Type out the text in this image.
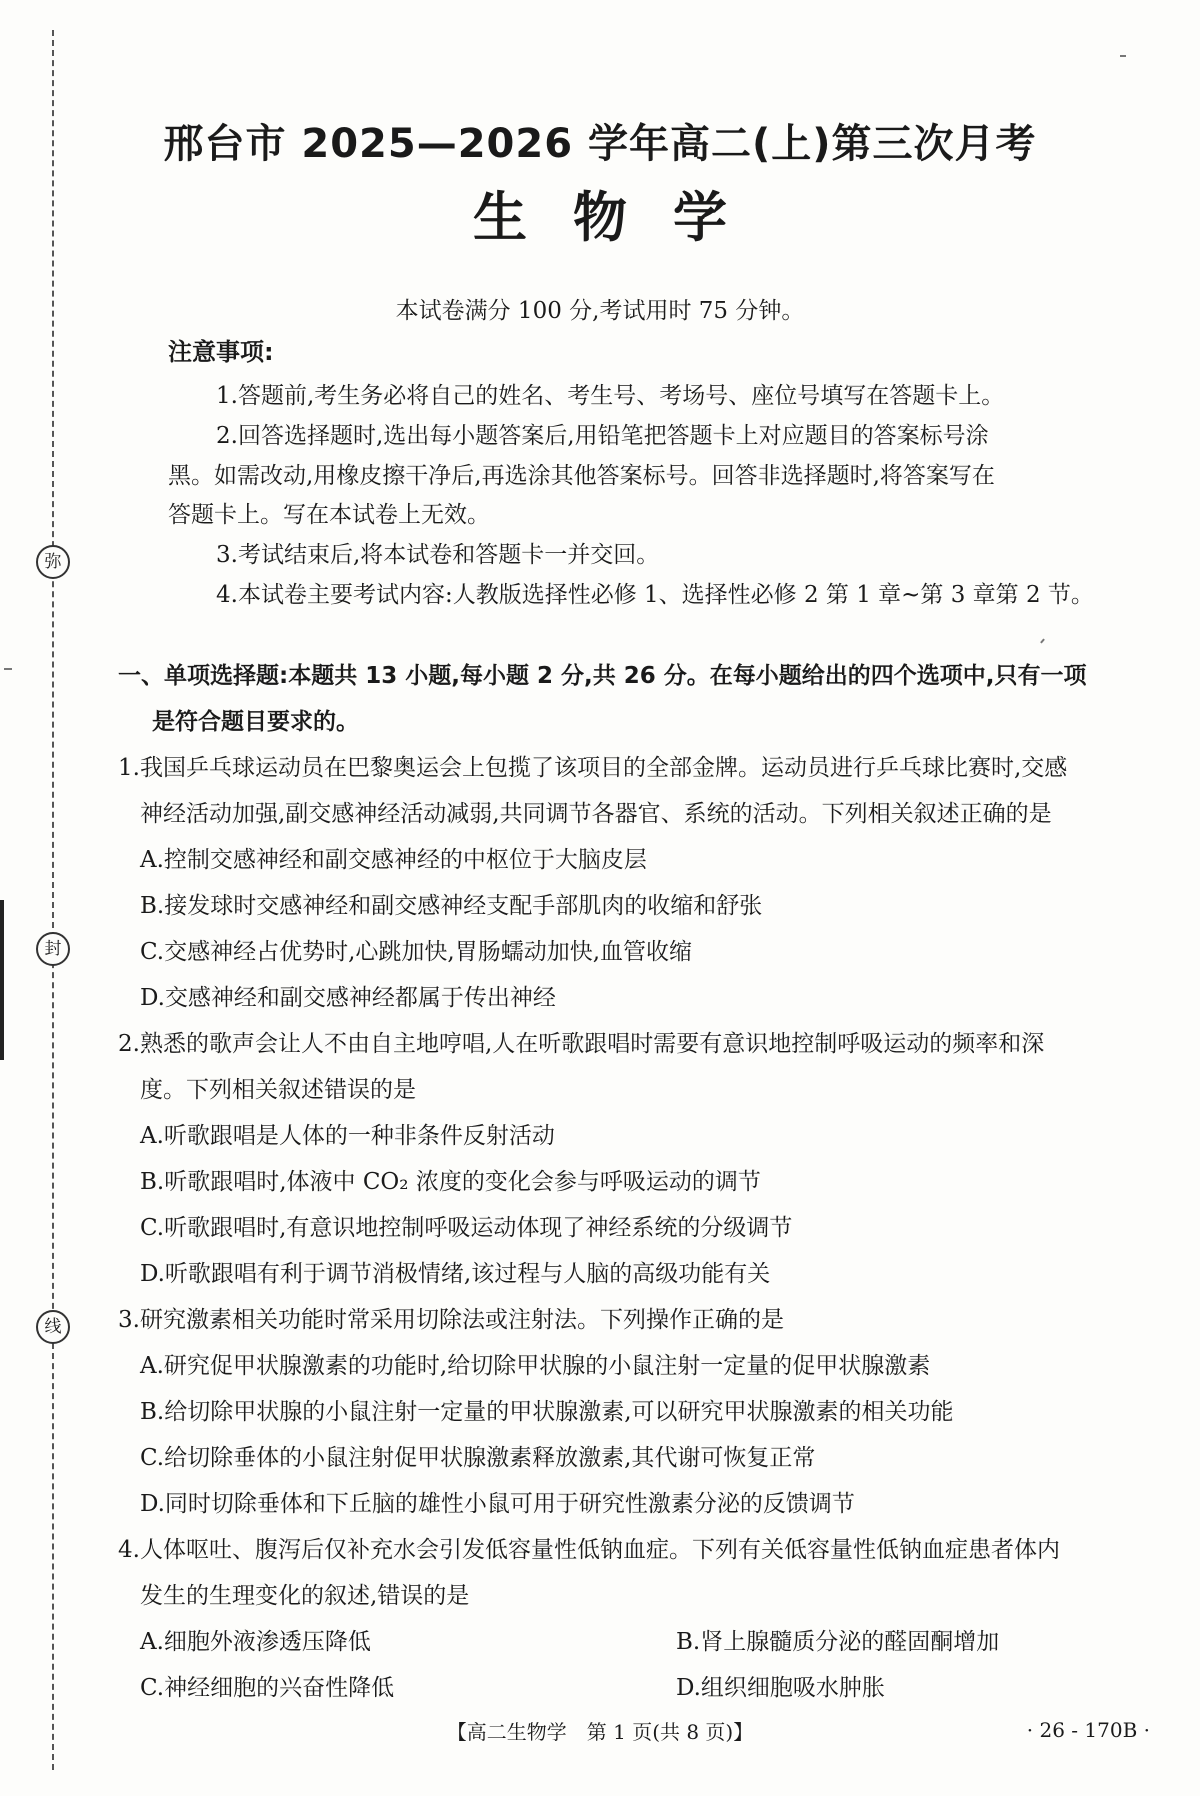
弥
封
线
邢台市 2025—2026 学年高二(上)第三次月考
生物学
本试卷满分 100 分,考试用时 75 分钟。
注意事项:
1.答题前,考生务必将自己的姓名、考生号、考场号、座位号填写在答题卡上。
2.回答选择题时,选出每小题答案后,用铅笔把答题卡上对应题目的答案标号涂
黑。如需改动,用橡皮擦干净后,再选涂其他答案标号。回答非选择题时,将答案写在
答题卡上。写在本试卷上无效。
3.考试结束后,将本试卷和答题卡一并交回。
4.本试卷主要考试内容:人教版选择性必修 1、选择性必修 2 第 1 章~第 3 章第 2 节。
一、单项选择题:本题共 13 小题,每小题 2 分,共 26 分。在每小题给出的四个选项中,只有一项
是符合题目要求的。
1.我国乒乓球运动员在巴黎奥运会上包揽了该项目的全部金牌。运动员进行乒乓球比赛时,交感
神经活动加强,副交感神经活动减弱,共同调节各器官、系统的活动。下列相关叙述正确的是
A.控制交感神经和副交感神经的中枢位于大脑皮层
B.接发球时交感神经和副交感神经支配手部肌肉的收缩和舒张
C.交感神经占优势时,心跳加快,胃肠蠕动加快,血管收缩
D.交感神经和副交感神经都属于传出神经
2.熟悉的歌声会让人不由自主地哼唱,人在听歌跟唱时需要有意识地控制呼吸运动的频率和深
度。下列相关叙述错误的是
A.听歌跟唱是人体的一种非条件反射活动
B.听歌跟唱时,体液中 CO₂ 浓度的变化会参与呼吸运动的调节
C.听歌跟唱时,有意识地控制呼吸运动体现了神经系统的分级调节
D.听歌跟唱有利于调节消极情绪,该过程与人脑的高级功能有关
3.研究激素相关功能时常采用切除法或注射法。下列操作正确的是
A.研究促甲状腺激素的功能时,给切除甲状腺的小鼠注射一定量的促甲状腺激素
B.给切除甲状腺的小鼠注射一定量的甲状腺激素,可以研究甲状腺激素的相关功能
C.给切除垂体的小鼠注射促甲状腺激素释放激素,其代谢可恢复正常
D.同时切除垂体和下丘脑的雄性小鼠可用于研究性激素分泌的反馈调节
4.人体呕吐、腹泻后仅补充水会引发低容量性低钠血症。下列有关低容量性低钠血症患者体内
发生的生理变化的叙述,错误的是
A.细胞外液渗透压降低	B.肾上腺髓质分泌的醛固酮增加
C.神经细胞的兴奋性降低	D.组织细胞吸水肿胀
【高二生物学　第 1 页(共 8 页)】	· 26 - 170B ·
